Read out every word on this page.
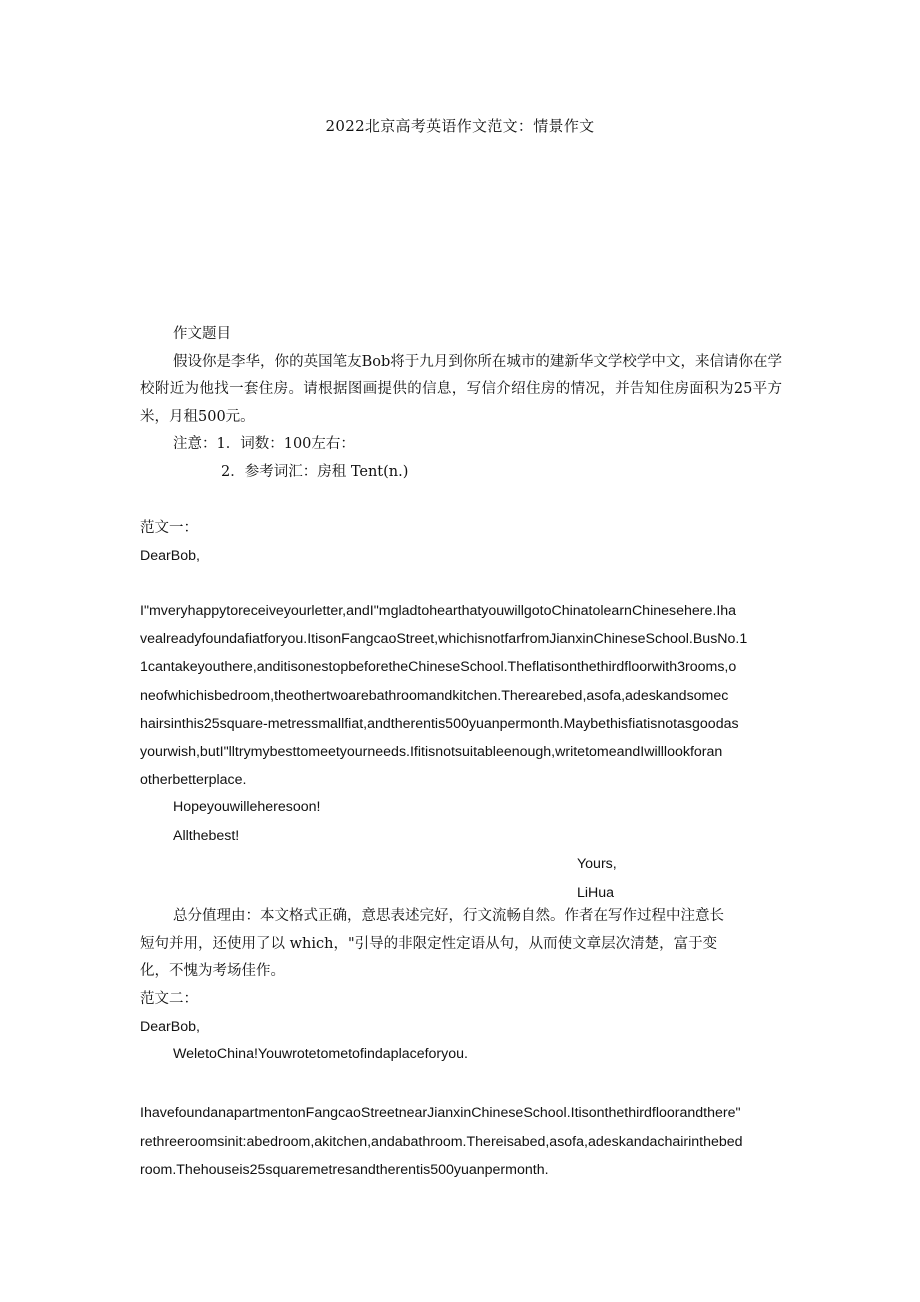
2022北京高考英语作文范文：情景作文
作文题目
假设你是李华，你的英国笔友Bob将于九月到你所在城市的建新华文学校学中文，来信请你在学校附近为他找一套住房。请根据图画提供的信息，写信介绍住房的情况，并告知住房面积为25平方米，月租500元。
注意：1．词数：100左右：
2．参考词汇：房租 Tent(n.)
范文一：
DearBob,
I"mveryhappytoreceiveyourletter,andI"mgladtohearthatyouwillgotoChinatolearnChinesehere.Iha
vealreadyfoundafiatforyou.ItisonFangcaoStreet,whichisnotfarfromJianxinChineseSchool.BusNo.1
1cantakeyouthere,anditisonestopbeforetheChineseSchool.Theflatisonthethirdfloorwith3rooms,o
neofwhichisbedroom,theothertwoarebathroomandkitchen.Therearebed,asofa,adeskandsomec
hairsinthis25square-metressmallfiat,andtherentis500yuanpermonth.Maybethisfiatisnotasgoodas
yourwish,butI"lltrymybesttomeetyourneeds.Ifitisnotsuitableenough,writetomeandIwilllookforan
otherbetterplace.
Hopeyouwilleheresoon!
Allthebest!
Yours,
LiHua
总分值理由：本文格式正确，意思表述完好，行文流畅自然。作者在写作过程中注意长
短句并用，还使用了以 which，"引导的非限定性定语从句，从而使文章层次清楚，富于变
化，不愧为考场佳作。
范文二：
DearBob,
WeletoChina!Youwrotetometofindaplaceforyou.
IhavefoundanapartmentonFangcaoStreetnearJianxinChineseSchool.Itisonthethirdfloorandthere"
rethreeroomsinit:abedroom,akitchen,andabathroom.Thereisabed,asofa,adeskandachairinthebed
room.Thehouseis25squaremetresandtherentis500yuanpermonth.
